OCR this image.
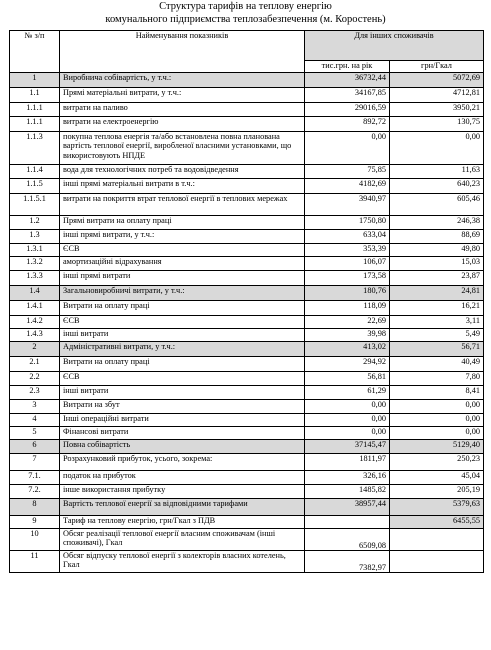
Структура тарифів на теплову енергію
комунального підприємства теплозабезпечення (м. Коростень)
№ з/п	Найменування показників	Для інших споживачів	
		тис.грн. на рік	грн/Гкал
1	Виробнича собівартість, у т.ч.:	36732,44	5072,69
1.1	Прямі матеріальні витрати, у т.ч.:	34167,85	4712,81
1.1.1	витрати на паливо	29016,59	3950,21
1.1.1	витрати на електроенергію	892,72	130,75
1.1.3	покупна теплова енергія та/або встановлена повна планована вартість теплової енергії, виробленої власними установками, що використовують НПДЕ	0,00	0,00
1.1.4	вода для технологічних потреб та водовідведення	75,85	11,63
1.1.5	інші прямі матеріальні витрати в т.ч.:	4182,69	640,23
1.1.5.1	витрати на покриття втрат теплової енергії в теплових мережах	3940,97	605,46
1.2	Прямі витрати на оплату праці	1750,80	246,38
1.3	інші прямі витрати, у т.ч.:	633,04	88,69
1.3.1	ЄСВ	353,39	49,80
1.3.2	амортизаційні відрахування	106,07	15,03
1.3.3	інші прямі витрати	173,58	23,87
1.4	Загальновиробничі витрати, у т.ч.:	180,76	24,81
1.4.1	Витрати на оплату праці	118,09	16,21
1.4.2	ЄСВ	22,69	3,11
1.4.3	інші витрати	39,98	5,49
2	Адміністративні витрати, у т.ч.:	413,02	56,71
2.1	Витрати на оплату праці	294,92	40,49
2.2	ЄСВ	56,81	7,80
2.3	інші витрати	61,29	8,41
3	Витрати на збут	0,00	0,00
4	Інші операційні витрати	0,00	0,00
5	Фінансові витрати	0,00	0,00
6	Повна собівартість	37145,47	5129,40
7	Розрахунковий прибуток, усього, зокрема:	1811,97	250,23
7.1.	податок на прибуток	326,16	45,04
7.2.	інше використання прибутку	1485,82	205,19
8	Вартість теплової енергії за відповідними тарифами	38957,44	5379,63
9	Тариф на теплову енергію, грн/Гкал з ПДВ		6455,55
10	Обсяг реалізації теплової енергії власним споживачам (інші споживачі), Гкал	6509,08	
11	Обсяг відпуску теплової енергії з колекторів власних котелень, Гкал	7382,97	
